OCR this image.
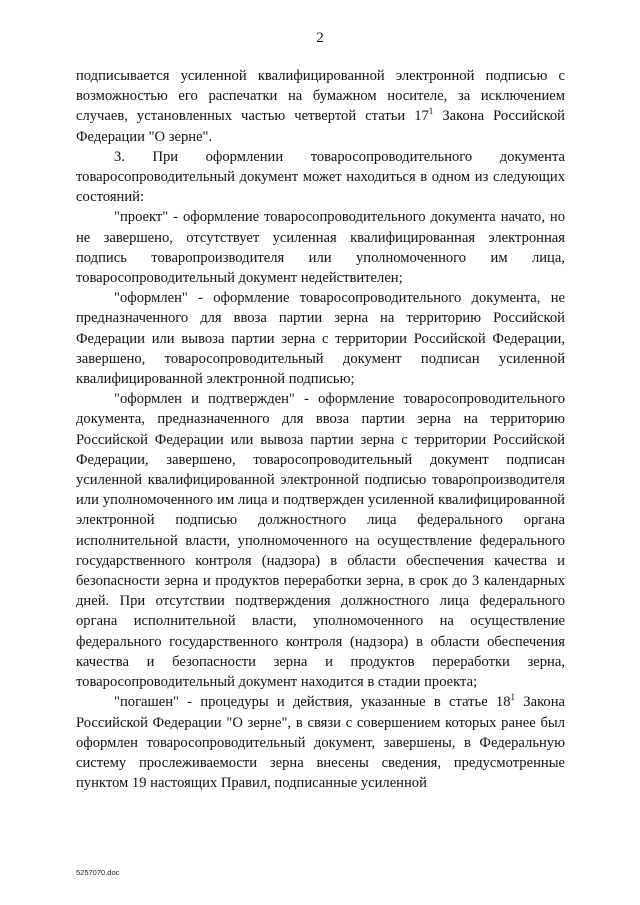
2

подписывается усиленной квалифицированной электронной подписью с возможностью его распечатки на бумажном носителе, за исключением случаев, установленных частью четвертой статьи $17^1$ Закона Российской Федерации "О зерне".

3. При оформлении товаросопроводительного документа товаросопроводительный документ может находиться в одном из следующих состояний:

"проект" - оформление товаросопроводительного документа начато, но не завершено, отсутствует усиленная квалифицированная электронная подпись товаропроизводителя или уполномоченного им лица, товаросопроводительный документ недействителен;

"оформлен" - оформление товаросопроводительного документа, не предназначенного для ввоза партии зерна на территорию Российской Федерации или вывоза партии зерна с территории Российской Федерации, завершено, товаросопроводительный документ подписан усиленной квалифицированной электронной подписью;

"оформлен и подтвержден" - оформление товаросопроводительного документа, предназначенного для ввоза партии зерна на территорию Российской Федерации или вывоза партии зерна с территории Российской Федерации, завершено, товаросопроводительный документ подписан усиленной квалифицированной электронной подписью товаропроизводителя или уполномоченного им лица и подтвержден усиленной квалифицированной электронной подписью должностного лица федерального органа исполнительной власти, уполномоченного на осуществление федерального государственного контроля (надзора) в области обеспечения качества и безопасности зерна и продуктов переработки зерна, в срок до 3 календарных дней. При отсутствии подтверждения должностного лица федерального органа исполнительной власти, уполномоченного на осуществление федерального государственного контроля (надзора) в области обеспечения качества и безопасности зерна и продуктов переработки зерна, товаросопроводительный документ находится в стадии проекта;

"погашен" - процедуры и действия, указанные в статье $18^1$ Закона Российской Федерации "О зерне", в связи с совершением которых ранее был оформлен товаросопроводительный документ, завершены, в Федеральную систему прослеживаемости зерна внесены сведения, предусмотренные пунктом 19 настоящих Правил, подписанные усиленной

5257070.doc
